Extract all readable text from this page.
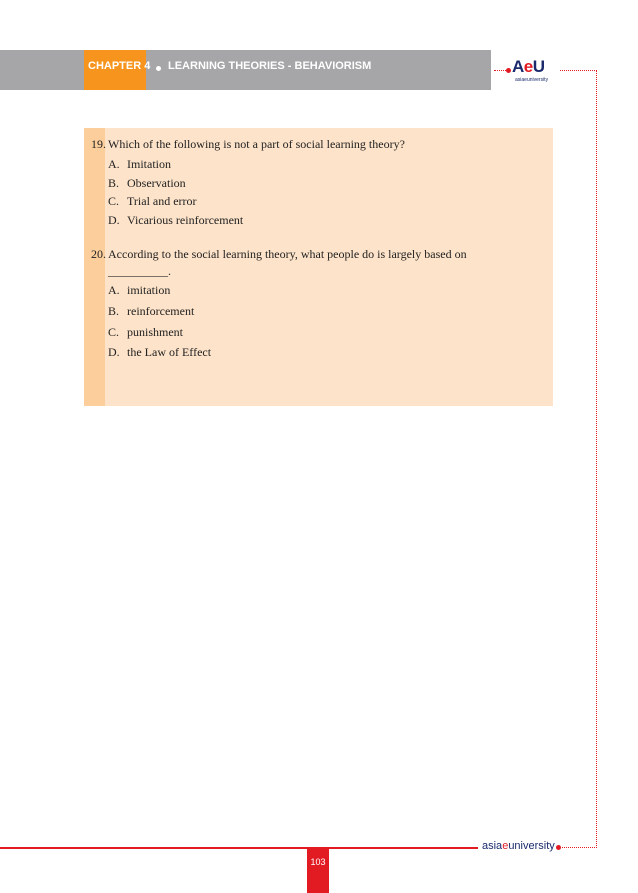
CHAPTER 4 LEARNING THEORIES - BEHAVIORISM	AeU
asiaeuniversity
19. Which of the following is not a part of social learning theory?
A. Imitation
B. Observation
C. Trial and error
D. Vicarious reinforcement
20. According to the social learning theory, what people do is largely based on
__________.
A. imitation
B. reinforcement
C. punishment
D. the Law of Effect
asiaeuniversity
103
